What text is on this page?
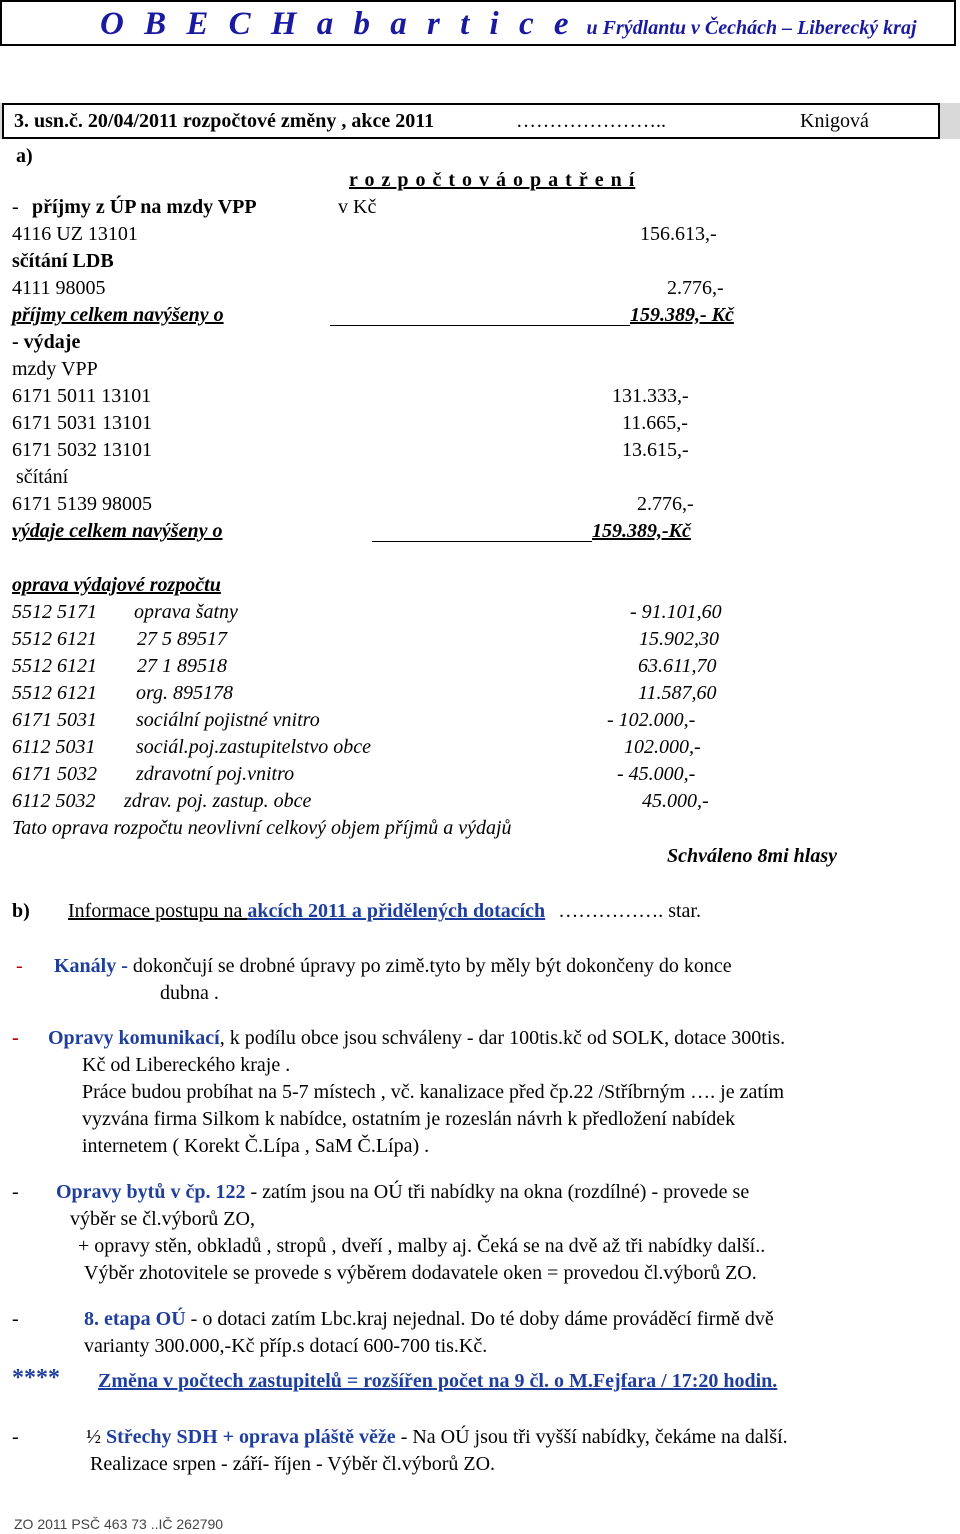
O B E C H a b a r t i c e u Frýdlantu v Čechách – Liberecký kraj
3. usn.č. 20/04/2011 rozpočtové změny , akce 2011	…………………..	Knigová
a)
r o z p o č t o v á o p a t ř e n í
- příjmy z ÚP na mzdy VPP	v Kč
4116 UZ 13101	156.613,-
sčítání LDB
4111 98005	2.776,-
příjmy celkem navýšeny o	159.389,- Kč
- výdaje
mzdy VPP
6171 5011 13101	131.333,-
6171 5031 13101	11.665,-
6171 5032 13101	13.615,-
sčítání
6171 5139 98005	2.776,-
výdaje celkem navýšeny o	159.389,-Kč
oprava výdajové rozpočtu
5512 5171 oprava šatny	- 91.101,60
5512 6121 27 5 89517	15.902,30
5512 6121 27 1 89518	63.611,70
5512 6121 org. 895178	11.587,60
6171 5031 sociální pojistné vnitro	- 102.000,-
6112 5031 sociál.poj.zastupitelstvo obce	102.000,-
6171 5032 zdravotní poj.vnitro	- 45.000,-
6112 5032 zdrav. poj. zastup. obce	45.000,-
Tato oprava rozpočtu neovlivní celkový objem příjmů a výdajů
Schváleno 8mi hlasy
b) Informace postupu na akcích 2011 a přidělených dotacích ……………. star.
- Kanály - dokončují se drobné úpravy po zimě.tyto by měly být dokončeny do konce
dubna .
- Opravy komunikací, k podílu obce jsou schváleny - dar 100tis.kč od SOLK, dotace 300tis.
Kč od Libereckého kraje .
Práce budou probíhat na 5-7 místech , vč. kanalizace před čp.22 /Stříbrným …. je zatím
vyzvána firma Silkom k nabídce, ostatním je rozeslán návrh k předložení nabídek
internetem ( Korekt Č.Lípa , SaM Č.Lípa) .
- Opravy bytů v čp. 122 - zatím jsou na OÚ tři nabídky na okna (rozdílné) - provede se
výběr se čl.výborů ZO,
+ opravy stěn, obkladů , stropů , dveří , malby aj. Čeká se na dvě až tři nabídky další..
Výběr zhotovitele se provede s výběrem dodavatele oken = provedou čl.výborů ZO.
-	8. etapa OÚ - o dotaci zatím Lbc.kraj nejednal. Do té doby dáme prováděcí firmě dvě
varianty 300.000,-Kč příp.s dotací 600-700 tis.Kč.
**** Změna v počtech zastupitelů = rozšířen počet na 9 čl. o M.Fejfara / 17:20 hodin.
-	½ Střechy SDH + oprava pláště věže - Na OÚ jsou tři vyšší nabídky, čekáme na další.
Realizace srpen - září- říjen - Výběr čl.výborů ZO.
ZO 2011 PSČ 463 73 ..IČ 262790
